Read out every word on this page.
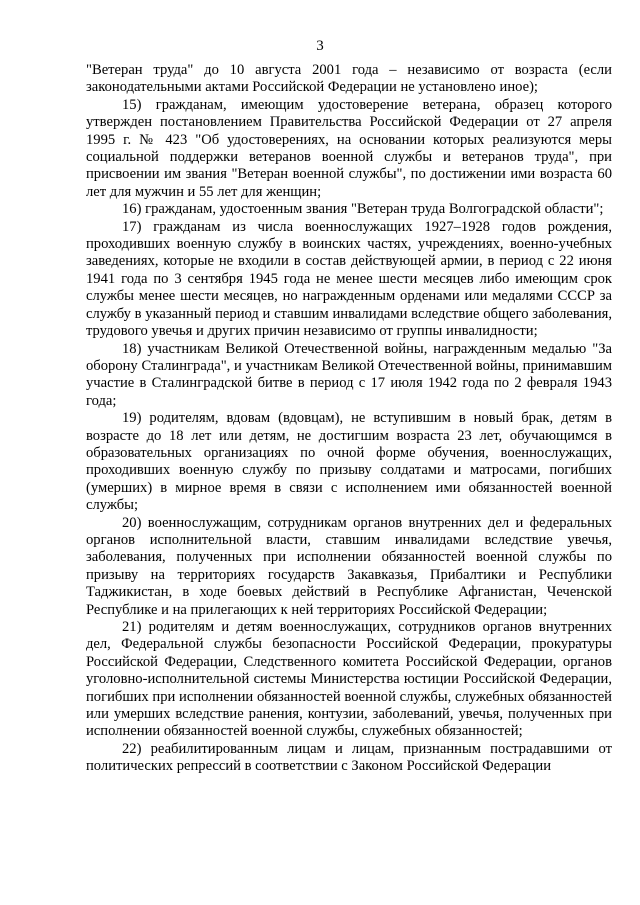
3

"Ветеран труда" до 10 августа 2001 года – независимо от возраста (если законодательными актами Российской Федерации не установлено иное);

15) гражданам, имеющим удостоверение ветерана, образец которого утвержден постановлением Правительства Российской Федерации от 27 апреля 1995 г. № 423 "Об удостоверениях, на основании которых реализуются меры социальной поддержки ветеранов военной службы и ветеранов труда", при присвоении им звания "Ветеран военной службы", по достижении ими возраста 60 лет для мужчин и 55 лет для женщин;

16) гражданам, удостоенным звания "Ветеран труда Волгоградской области";

17) гражданам из числа военнослужащих 1927–1928 годов рождения, проходивших военную службу в воинских частях, учреждениях, военно-учебных заведениях, которые не входили в состав действующей армии, в период с 22 июня 1941 года по 3 сентября 1945 года не менее шести месяцев либо имеющим срок службы менее шести месяцев, но награжденным орденами или медалями СССР за службу в указанный период и ставшим инвалидами вследствие общего заболевания, трудового увечья и других причин независимо от группы инвалидности;

18) участникам Великой Отечественной войны, награжденным медалью "За оборону Сталинграда", и участникам Великой Отечественной войны, принимавшим участие в Сталинградской битве в период с 17 июля 1942 года по 2 февраля 1943 года;

19) родителям, вдовам (вдовцам), не вступившим в новый брак, детям в возрасте до 18 лет или детям, не достигшим возраста 23 лет, обучающимся в образовательных организациях по очной форме обучения, военнослужащих, проходивших военную службу по призыву солдатами и матросами, погибших (умерших) в мирное время в связи с исполнением ими обязанностей военной службы;

20) военнослужащим, сотрудникам органов внутренних дел и федеральных органов исполнительной власти, ставшим инвалидами вследствие увечья, заболевания, полученных при исполнении обязанностей военной службы по призыву на территориях государств Закавказья, Прибалтики и Республики Таджикистан, в ходе боевых действий в Республике Афганистан, Чеченской Республике и на прилегающих к ней территориях Российской Федерации;

21) родителям и детям военнослужащих, сотрудников органов внутренних дел, Федеральной службы безопасности Российской Федерации, прокуратуры Российской Федерации, Следственного комитета Российской Федерации, органов уголовно-исполнительной системы Министерства юстиции Российской Федерации, погибших при исполнении обязанностей военной службы, служебных обязанностей или умерших вследствие ранения, контузии, заболеваний, увечья, полученных при исполнении обязанностей военной службы, служебных обязанностей;

22) реабилитированным лицам и лицам, признанным пострадавшими от политических репрессий в соответствии с Законом Российской Федерации
